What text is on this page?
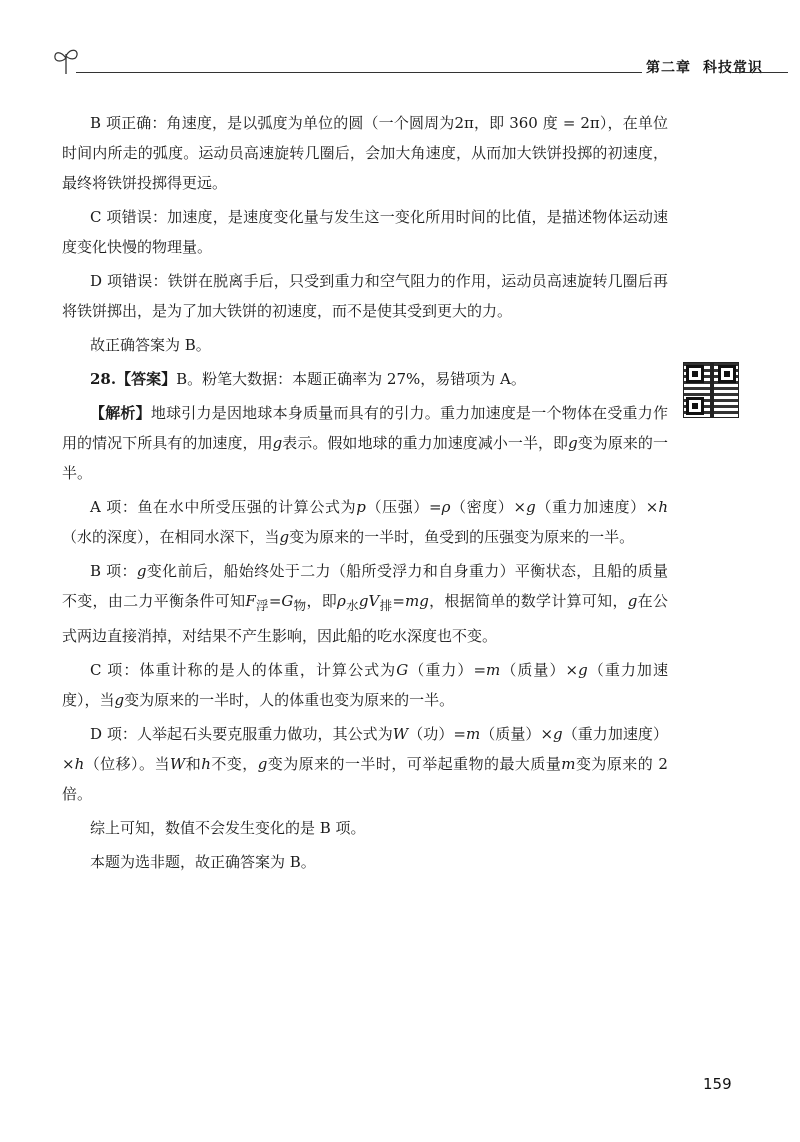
第二章 科技常识

B 项正确：角速度，是以弧度为单位的圆（一个圆周为2π，即 360 度 = 2π），在单位时间内所走的弧度。运动员高速旋转几圈后，会加大角速度，从而加大铁饼投掷的初速度，最终将铁饼投掷得更远。

C 项错误：加速度，是速度变化量与发生这一变化所用时间的比值，是描述物体运动速度变化快慢的物理量。

D 项错误：铁饼在脱离手后，只受到重力和空气阻力的作用，运动员高速旋转几圈后再将铁饼掷出，是为了加大铁饼的初速度，而不是使其受到更大的力。

故正确答案为 B。

28.【答案】B。粉笔大数据：本题正确率为 27%，易错项为 A。

【解析】地球引力是因地球本身质量而具有的引力。重力加速度是一个物体在受重力作用的情况下所具有的加速度，用g表示。假如地球的重力加速度减小一半，即g变为原来的一半。

A 项：鱼在水中所受压强的计算公式为p（压强）=ρ（密度）×g（重力加速度）×h（水的深度），在相同水深下，当g变为原来的一半时，鱼受到的压强变为原来的一半。

B 项：g变化前后，船始终处于二力（船所受浮力和自身重力）平衡状态，且船的质量不变，由二力平衡条件可知$F_浮=G_物$，即$\rho_水gV_排=mg$，根据简单的数学计算可知，g在公式两边直接消掉，对结果不产生影响，因此船的吃水深度也不变。

C 项：体重计称的是人的体重，计算公式为G（重力）=m（质量）×g（重力加速度），当g变为原来的一半时，人的体重也变为原来的一半。

D 项：人举起石头要克服重力做功，其公式为W（功）=m（质量）×g（重力加速度）×h（位移）。当W和h不变，g变为原来的一半时，可举起重物的最大质量m变为原来的 2 倍。

综上可知，数值不会发生变化的是 B 项。

本题为选非题，故正确答案为 B。

159
